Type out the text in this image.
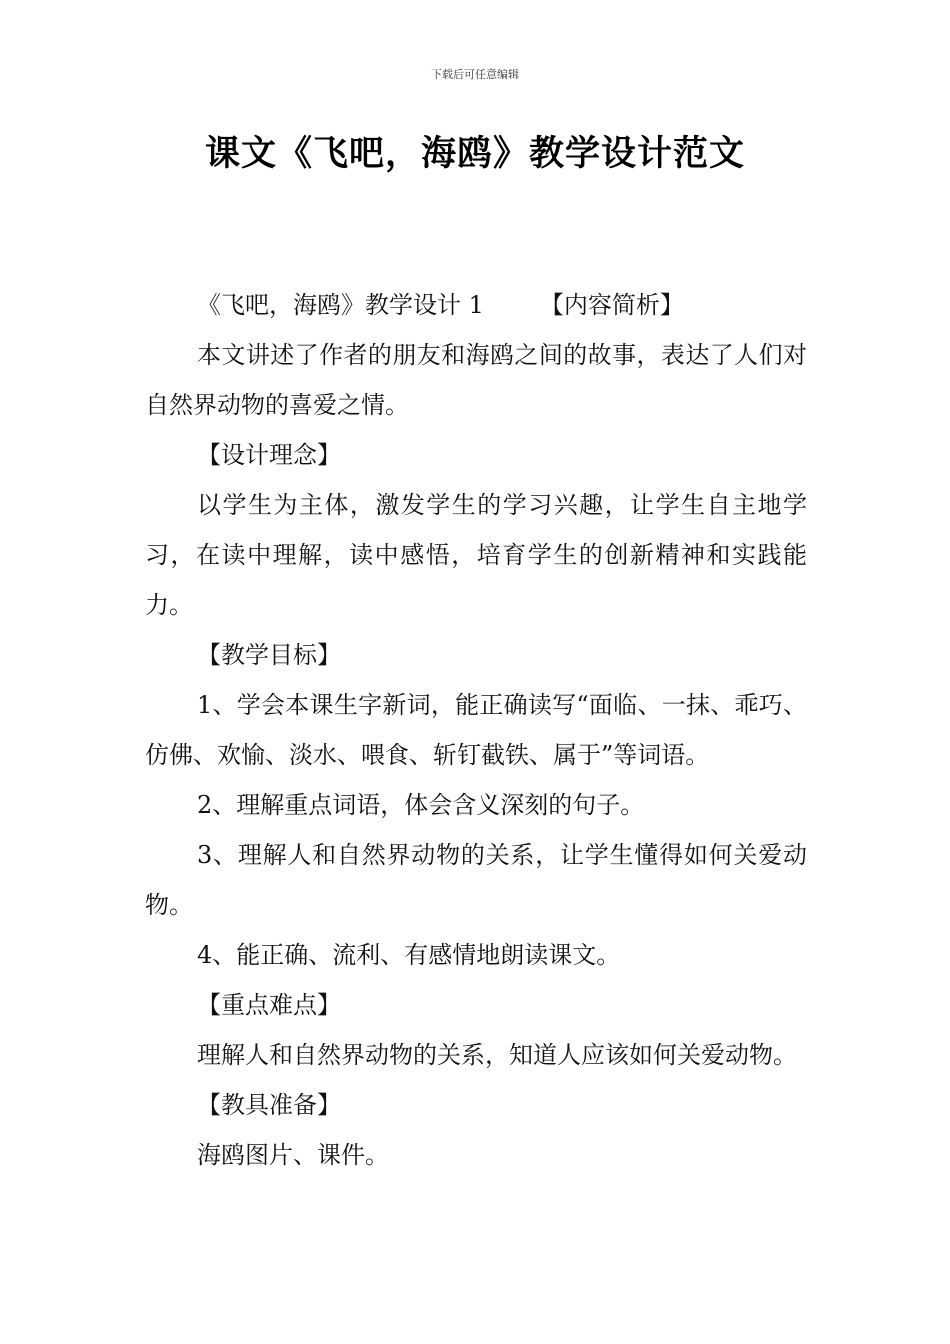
下载后可任意编辑
课文《飞吧，海鸥》教学设计范文

《飞吧，海鸥》教学设计 1 【内容简析】

本文讲述了作者的朋友和海鸥之间的故事，表达了人们对自然界动物的喜爱之情。

【设计理念】

以学生为主体，激发学生的学习兴趣，让学生自主地学习，在读中理解，读中感悟，培育学生的创新精神和实践能力。

【教学目标】

1、学会本课生字新词，能正确读写“面临、一抹、乖巧、仿佛、欢愉、淡水、喂食、斩钉截铁、属于”等词语。

2、理解重点词语，体会含义深刻的句子。

3、理解人和自然界动物的关系，让学生懂得如何关爱动物。

4、能正确、流利、有感情地朗读课文。

【重点难点】

理解人和自然界动物的关系，知道人应该如何关爱动物。

【教具准备】

海鸥图片、课件。
